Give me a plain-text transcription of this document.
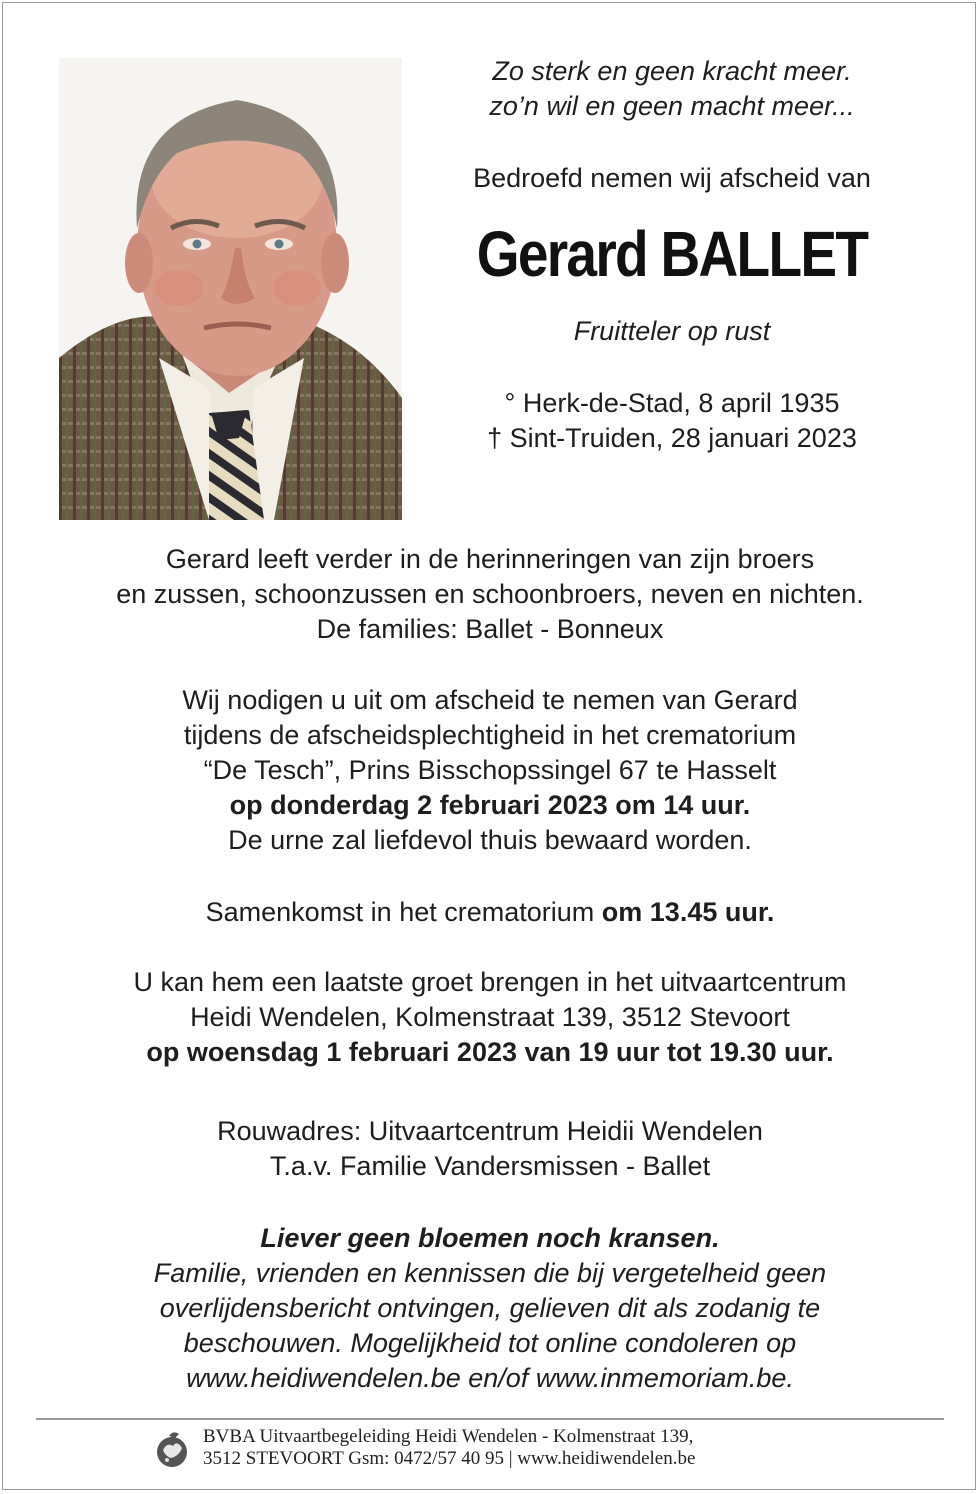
Zo sterk en geen kracht meer.
zo’n wil en geen macht meer...
Bedroefd nemen wij afscheid van
Gerard BALLET
Fruitteler op rust
° Herk-de-Stad, 8 april 1935
† Sint-Truiden, 28 januari 2023
Gerard leeft verder in de herinneringen van zijn broers
en zussen, schoonzussen en schoonbroers, neven en nichten.
De families: Ballet - Bonneux
Wij nodigen u uit om afscheid te nemen van Gerard
tijdens de afscheidsplechtigheid in het crematorium
“De Tesch”, Prins Bisschopssingel 67 te Hasselt
op donderdag 2 februari 2023 om 14 uur.
De urne zal liefdevol thuis bewaard worden.
Samenkomst in het crematorium om 13.45 uur.
U kan hem een laatste groet brengen in het uitvaartcentrum
Heidi Wendelen, Kolmenstraat 139, 3512 Stevoort
op woensdag 1 februari 2023 van 19 uur tot 19.30 uur.
Rouwadres: Uitvaartcentrum Heidii Wendelen
T.a.v. Familie Vandersmissen - Ballet
Liever geen bloemen noch kransen.
Familie, vrienden en kennissen die bij vergetelheid geen
overlijdensbericht ontvingen, gelieven dit als zodanig te
beschouwen. Mogelijkheid tot online condoleren op
www.heidiwendelen.be en/of www.inmemoriam.be.
BVBA Uitvaartbegeleiding Heidi Wendelen - Kolmenstraat 139,
3512 STEVOORT Gsm: 0472/57 40 95 | www.heidiwendelen.be
